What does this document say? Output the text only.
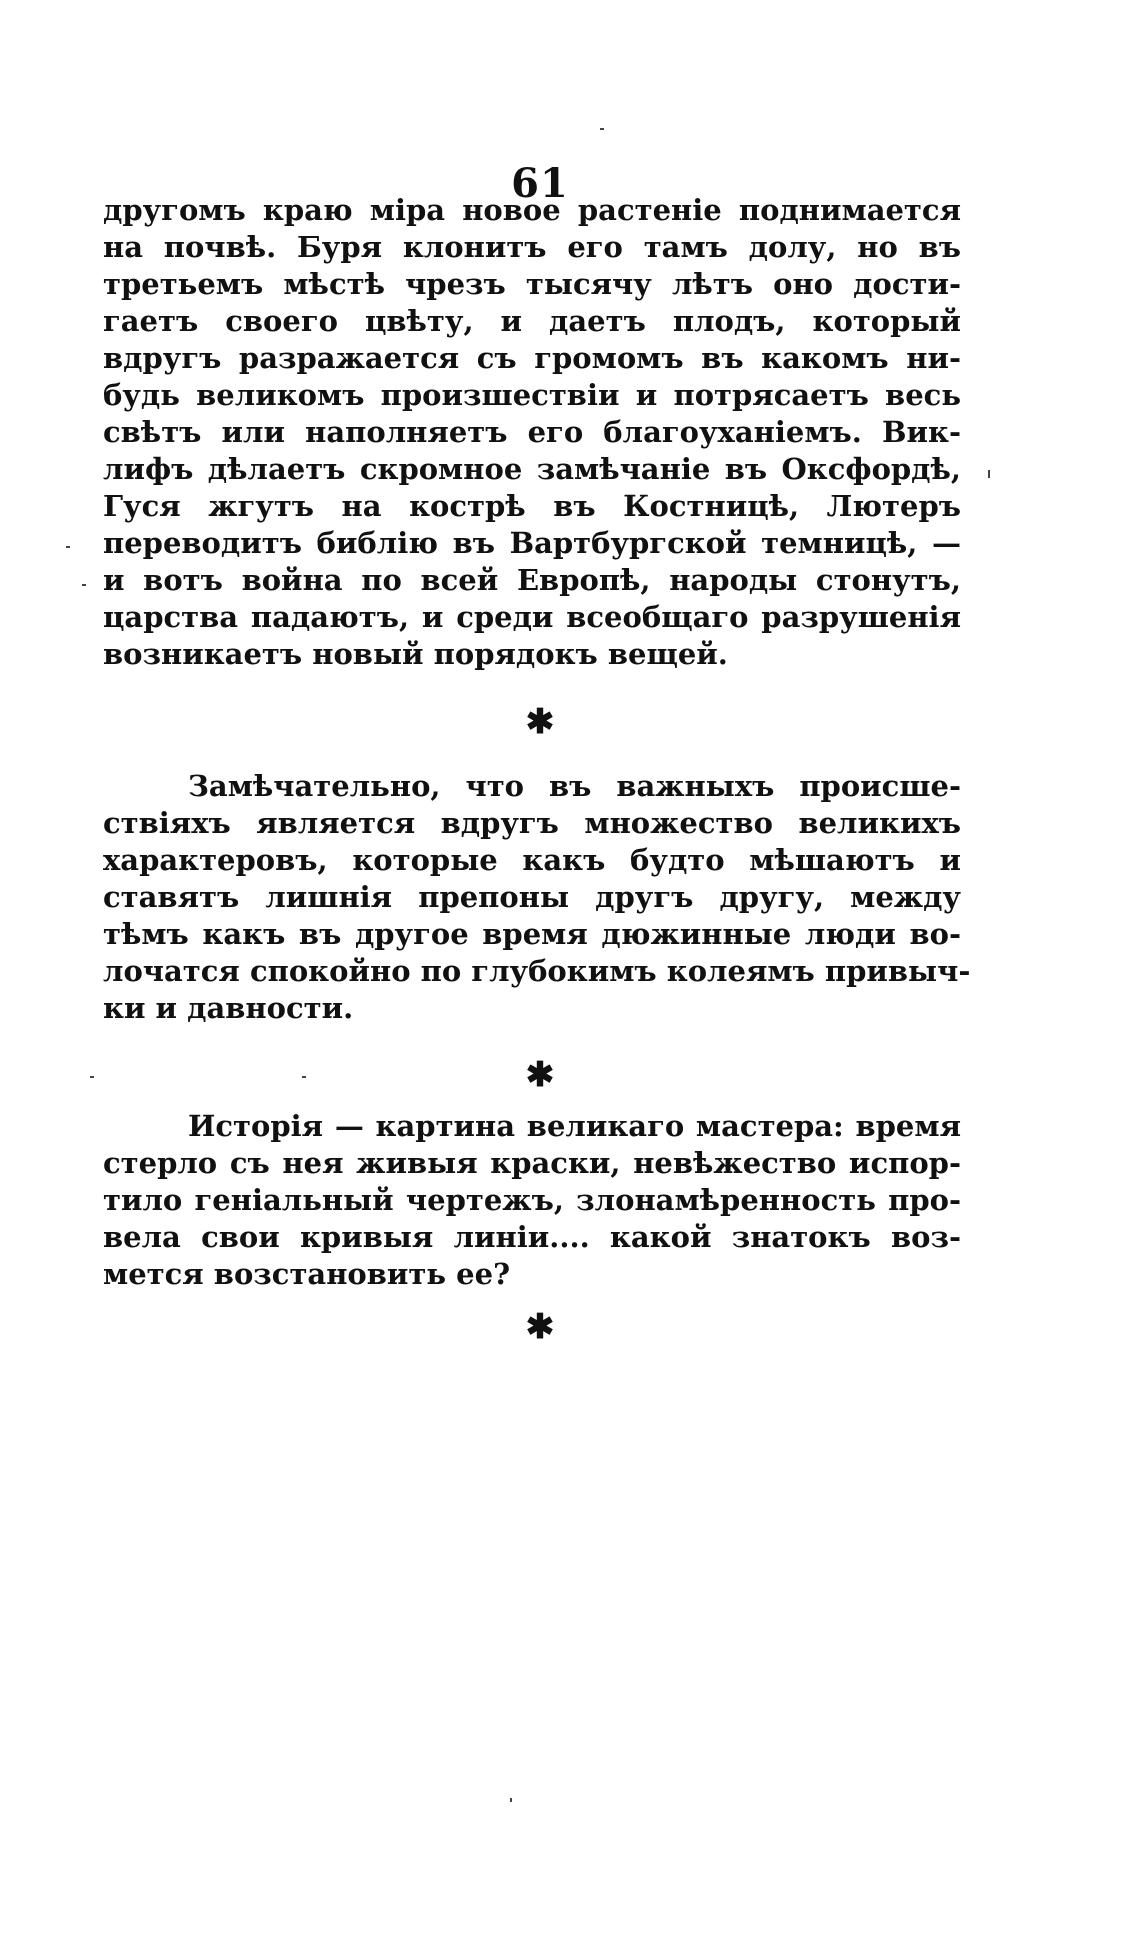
61
другомъ краю міра новое растеніе поднимается
на почвѣ. Буря клонитъ его тамъ долу, но въ
третьемъ мѣстѣ чрезъ тысячу лѣтъ оно дости-
гаетъ своего цвѣту, и даетъ плодъ, который
вдругъ разражается съ громомъ въ какомъ ни-
будь великомъ произшествіи и потрясаетъ весь
свѣтъ или наполняетъ его благоуханіемъ. Вик-
лифъ дѣлаетъ скромное замѣчаніе въ Оксфордѣ,
Гуся жгутъ на кострѣ въ Костницѣ, Лютеръ
переводитъ библію въ Вартбургской темницѣ, —
и вотъ война по всей Европѣ, народы стонутъ,
царства падаютъ, и среди всеобщаго разрушенія
возникаетъ новый порядокъ вещей.
✱
Замѣчательно, что въ важныхъ происше-
ствіяхъ является вдругъ множество великихъ
характеровъ, которые какъ будто мѣшаютъ и
ставятъ лишнія препоны другъ другу, между
тѣмъ какъ въ другое время дюжинные люди во-
лочатся спокойно по глубокимъ колеямъ привыч-
ки и давности.
✱
Исторія — картина великаго мастера: время
стерло съ нея живыя краски, невѣжество испор-
тило геніальный чертежъ, злонамѣренность про-
вела свои кривыя линіи.... какой знатокъ воз-
мется возстановить ее?
✱
